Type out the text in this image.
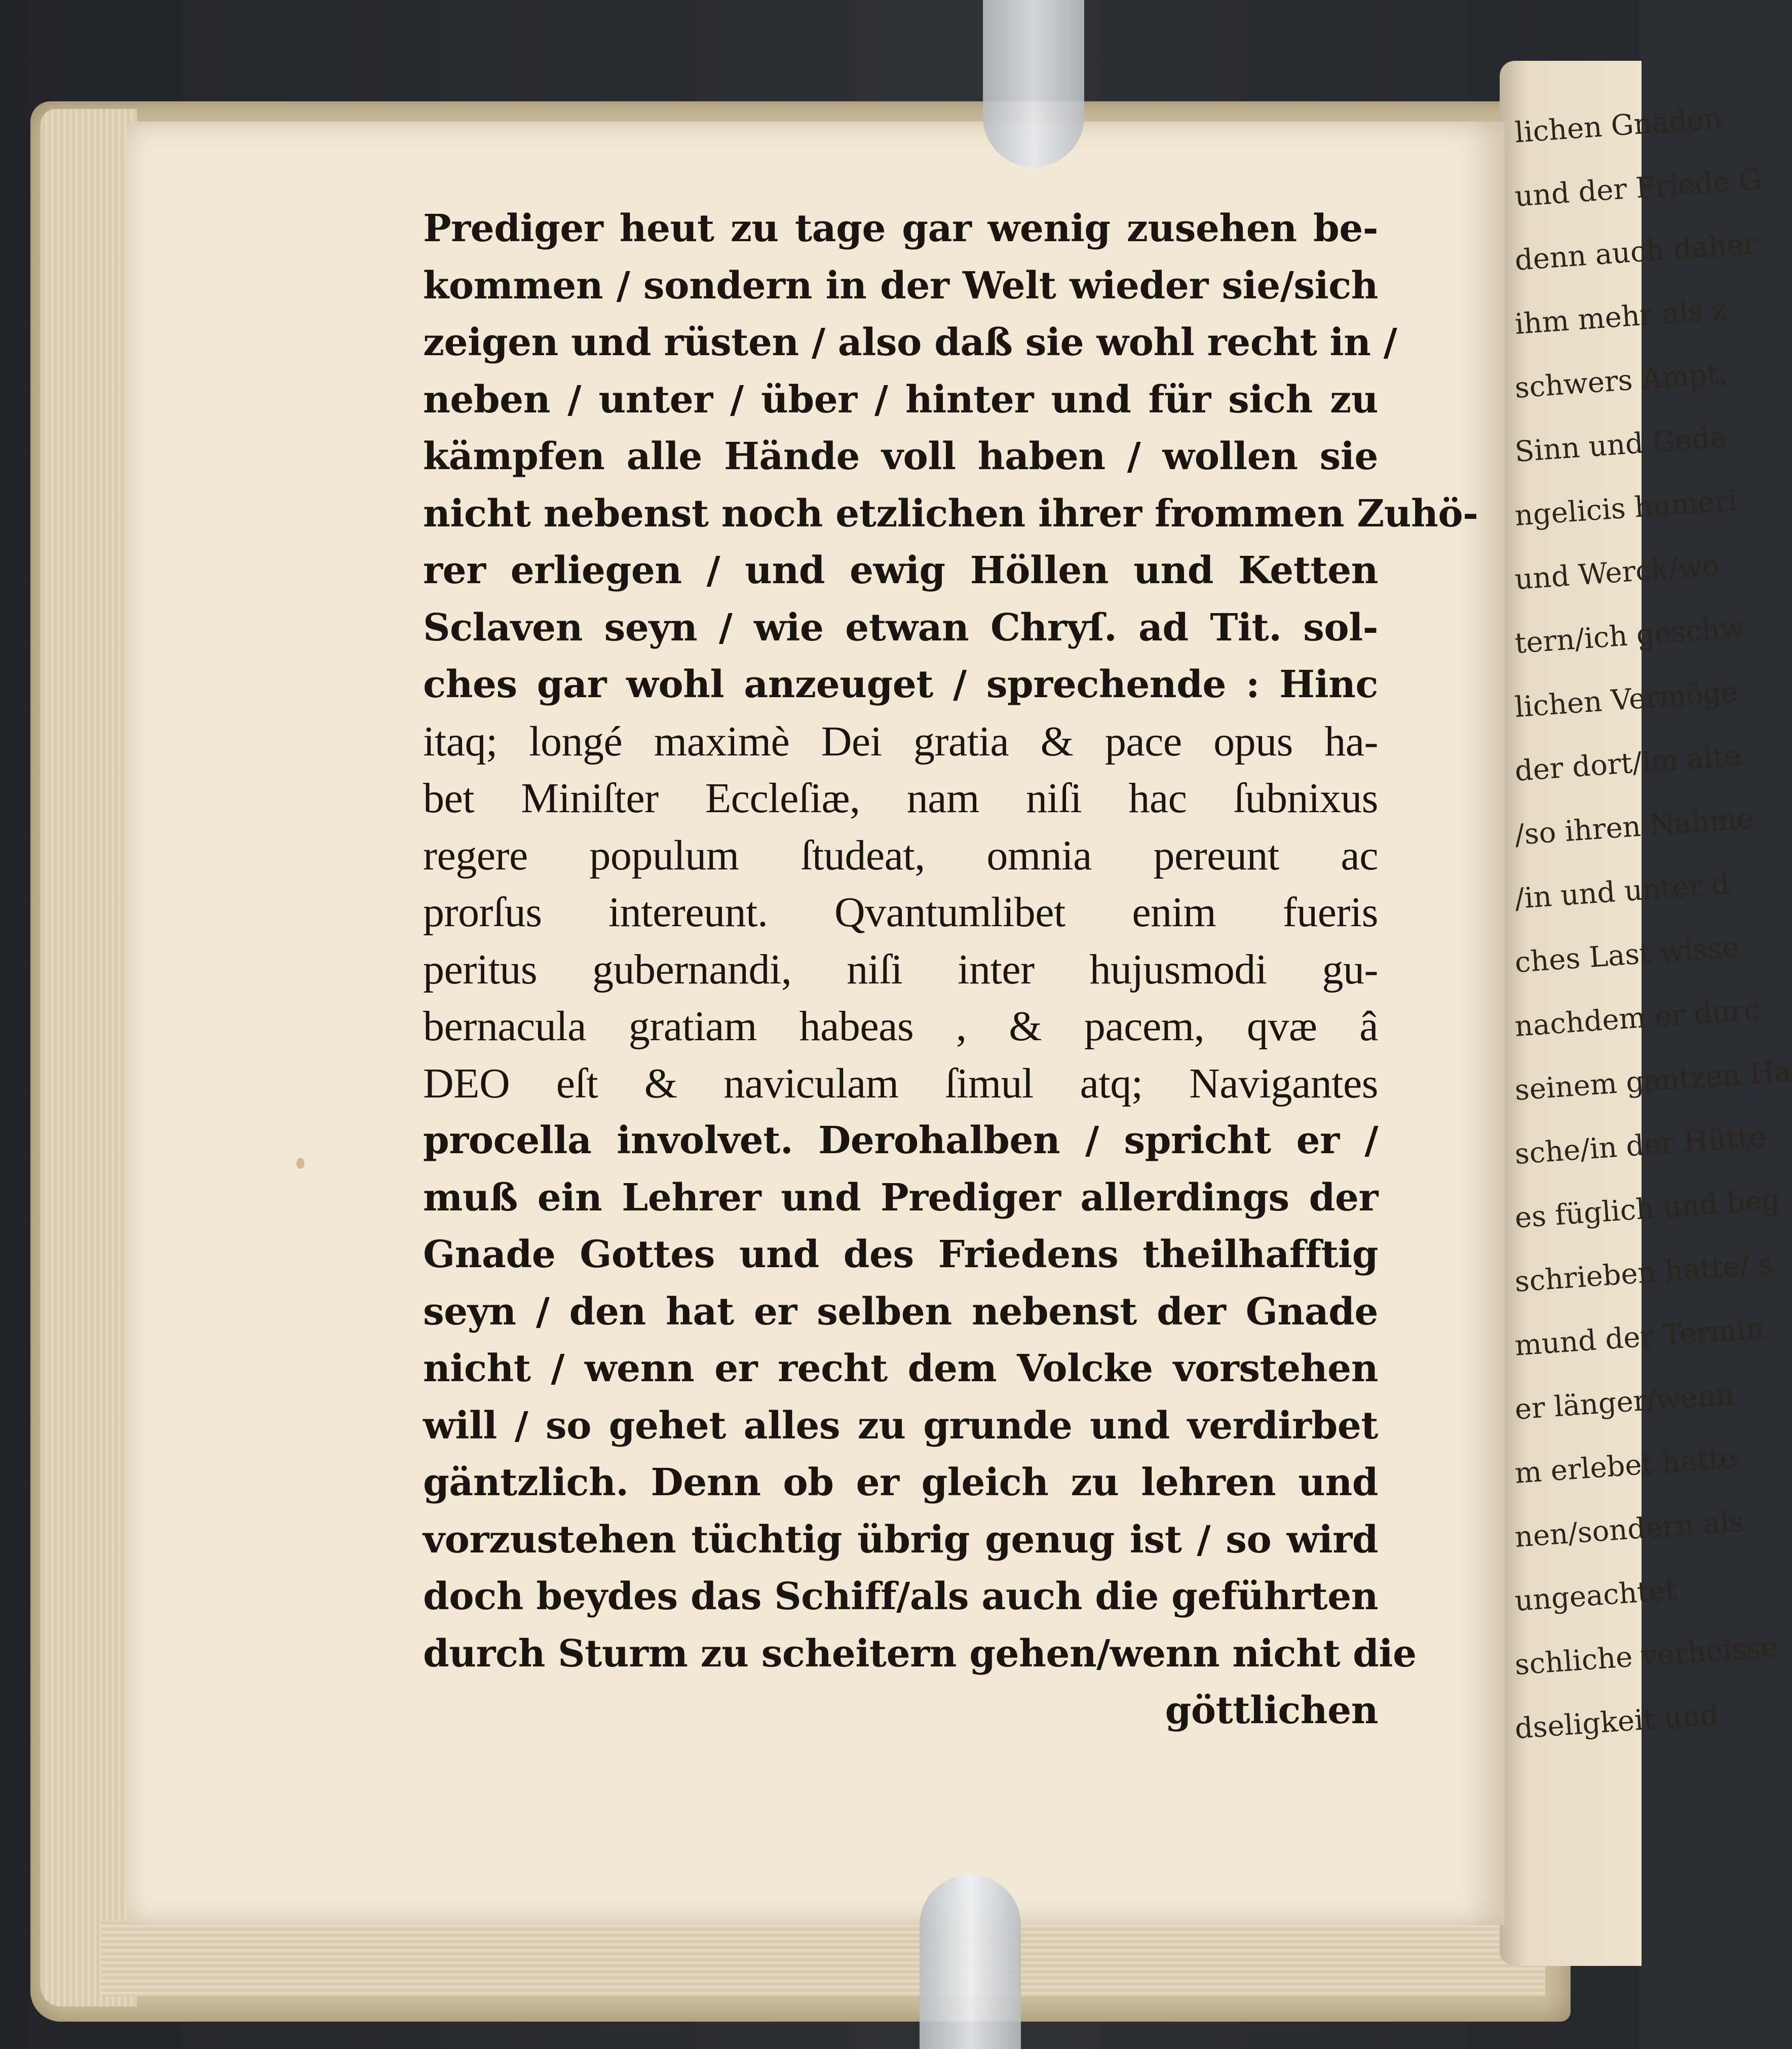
lichen Gnaden
und der Friede G
denn auch daher
ihm mehr als z
schwers Ampt,
Sinn und Geda
ngelicis humeri
und Werck/wo
tern/ich geschw
lichen Vermöge
der dort/im alte
/so ihren Nahme
/in und unter d
ches Last wisse
nachdem er durc
seinem gantzen Ha
sche/in der Hütte
es füglich und beg
schrieben hatte/ s
mund der Termin
er länger/wenn
m erlebet hatte
nen/sondern als
ungeachtet
schliche verheisse
dseligkeit und
Prediger heut zu tage gar wenig zusehen be-
kommen / sondern in der Welt wieder sie/sich
zeigen und rüsten / also daß sie wohl recht in /
neben / unter / über / hinter und für sich zu
kämpfen alle Hände voll haben / wollen sie
nicht nebenst noch etzlichen ihrer frommen Zuhö-
rer erliegen / und ewig Höllen und Ketten
Sclaven seyn / wie etwan Chryſ. ad Tit. sol-
ches gar wohl anzeuget / sprechende : Hinc
itaq; longé maximè Dei gratia & pace opus ha-
bet Miniſter Eccleſiæ, nam niſi hac ſubnixus
regere populum ſtudeat, omnia pereunt ac
prorſus intereunt. Qvantumlibet enim fueris
peritus gubernandi, niſi inter hujusmodi gu-
bernacula gratiam habeas , & pacem, qvæ â
DEO eſt & naviculam ſimul atq; Navigantes
procella involvet. Derohalben / spricht er /
muß ein Lehrer und Prediger allerdings der
Gnade Gottes und des Friedens theilhafftig
seyn / den hat er selben nebenst der Gnade
nicht / wenn er recht dem Volcke vorstehen
will / so gehet alles zu grunde und verdirbet
gäntzlich. Denn ob er gleich zu lehren und
vorzustehen tüchtig übrig genug ist / so wird
doch beydes das Schiff/als auch die geführten
durch Sturm zu scheitern gehen/wenn nicht die
göttlichen
